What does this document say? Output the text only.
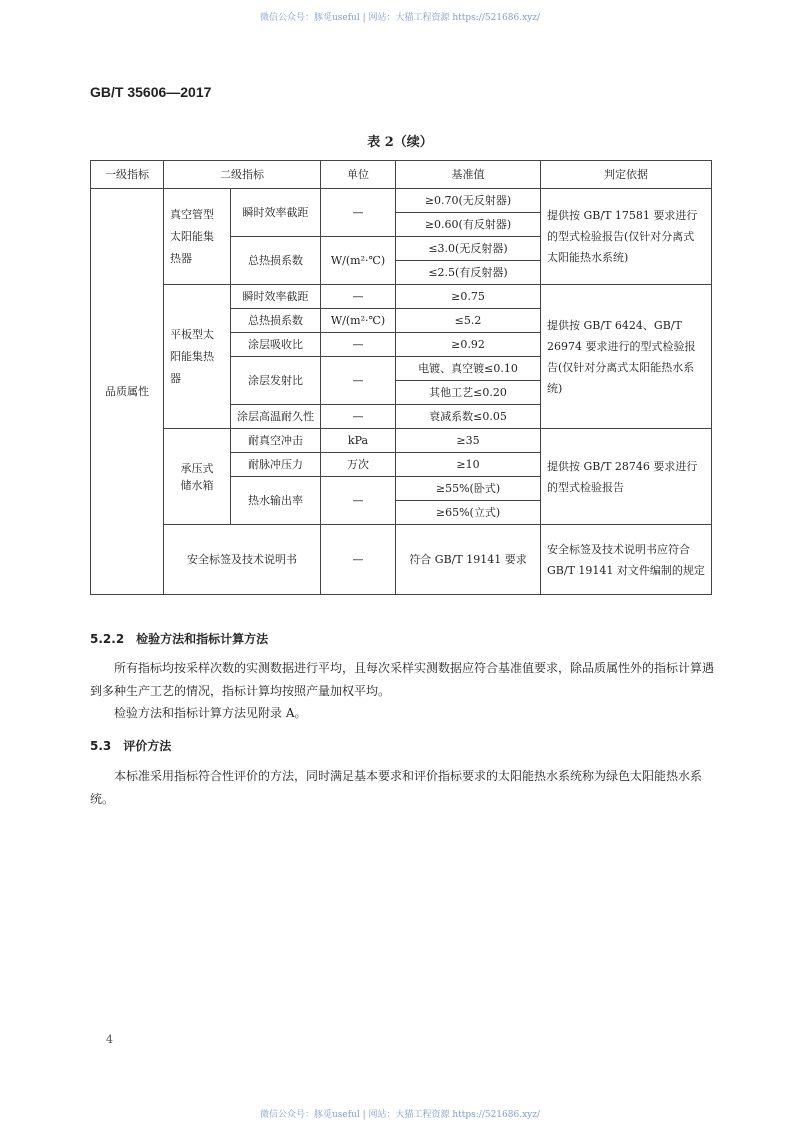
微信公众号：豚觅useful | 网站：大猫工程资源 https://521686.xyz/
GB/T 35606—2017
表 2（续）
一级指标	二级指标		单位	基准值	判定依据
品质属性	真空管型太阳能集热器	瞬时效率截距	—	≥0.70(无反射器)	提供按 GB/T 17581 要求进行的型式检验报告(仅针对分离式太阳能热水系统)
				≥0.60(有反射器)	
		总热损系数	W/(m²·℃)	≤3.0(无反射器)	
				≤2.5(有反射器)	
	平板型太阳能集热器	瞬时效率截距	—	≥0.75	提供按 GB/T 6424、GB/T 26974 要求进行的型式检验报告(仅针对分离式太阳能热水系统)
		总热损系数	W/(m²·℃)	≤5.2	
		涂层吸收比	—	≥0.92	
		涂层发射比	—	电镀、真空镀≤0.10	
				其他工艺≤0.20	
		涂层高温耐久性	—	衰减系数≤0.05	
	承压式储水箱	耐真空冲击	kPa	≥35	提供按 GB/T 28746 要求进行的型式检验报告
		耐脉冲压力	万次	≥10	
		热水输出率	—	≥55%(卧式)	
				≥65%(立式)	
	安全标签及技术说明书		—	符合 GB/T 19141 要求	安全标签及技术说明书应符合 GB/T 19141 对文件编制的规定
5.2.2　检验方法和指标计算方法
所有指标均按采样次数的实测数据进行平均，且每次采样实测数据应符合基准值要求，除品质属性外的指标计算遇到多种生产工艺的情况，指标计算均按照产量加权平均。
检验方法和指标计算方法见附录 A。
5.3　评价方法
本标准采用指标符合性评价的方法，同时满足基本要求和评价指标要求的太阳能热水系统称为绿色太阳能热水系统。
4
微信公众号：豚觅useful | 网站：大猫工程资源 https://521686.xyz/
